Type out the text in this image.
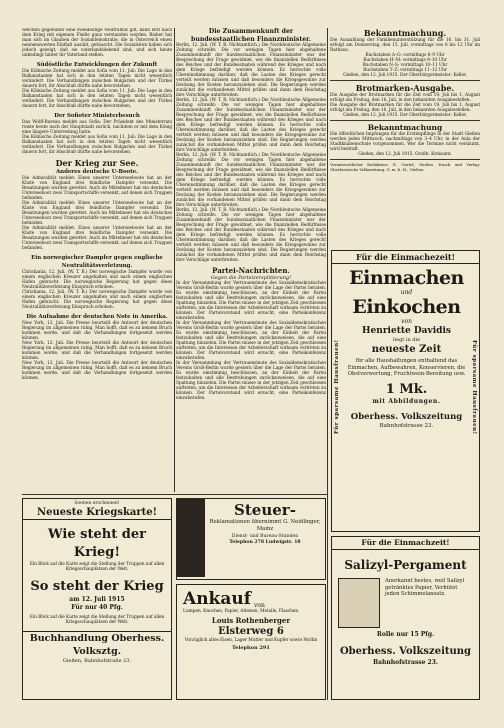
welchen gegenüber eine zweideutige Neutralität gilt, kann erst nach dem Krieg mit eigenem Fleiße ganz verstanden werden. Bisher hat man sich im Glauben der Sozialdemokratie, die in Österreich einen nennenswerten Einfluß ausübt, getäuscht. Die Sozialisten haben sich jedoch gezeigt, daß sie vaterlandsliebend sind, und sich heute unbedingt hinter ihr Vaterland stellen.
Südöstliche Entwicklungen der Zukunft
Die Kölnische Zeitung meldet aus Sofia vom 11. Juli: Die Lage in den Balkanstaaten hat sich in den letzten Tagen nicht wesentlich verändert. Die Verhandlungen zwischen Bulgarien und der Türkei dauern fort, ihr Abschluß dürfte nahe bevorstehen.
Die Kölnische Zeitung meldet aus Sofia vom 11. Juli: Die Lage in den Balkanstaaten hat sich in den letzten Tagen nicht wesentlich verändert. Die Verhandlungen zwischen Bulgarien und der Türkei dauern fort, ihr Abschluß dürfte nahe bevorstehen.
Der Sofioter Ministerbesuch
Das Wolff-Bureau meldet aus Sofia: Der Präsident des Ministerrats reiste heute nach der Hauptstadt zurück, nachdem er mit dem König eine längere Unterredung hatte.
Die Kölnische Zeitung meldet aus Sofia vom 11. Juli: Die Lage in den Balkanstaaten hat sich in den letzten Tagen nicht wesentlich verändert. Die Verhandlungen zwischen Bulgarien und der Türkei dauern fort, ihr Abschluß dürfte nahe bevorstehen.
Der Krieg zur See.
Anderes deutsche U-Boote.
Die Admiralität meldet: Eines unserer Unterseeboote hat an der Küste von England drei feindliche Dampfer versenkt. Die Besatzungen wurden gerettet. Auch im Mittelmeer hat ein deutsches Unterseeboot zwei Transportschiffe versenkt, auf denen sich Truppen befanden.
Die Admiralität meldet: Eines unserer Unterseeboote hat an der Küste von England drei feindliche Dampfer versenkt. Die Besatzungen wurden gerettet. Auch im Mittelmeer hat ein deutsches Unterseeboot zwei Transportschiffe versenkt, auf denen sich Truppen befanden.
Die Admiralität meldet: Eines unserer Unterseeboote hat an der Küste von England drei feindliche Dampfer versenkt. Die Besatzungen wurden gerettet. Auch im Mittelmeer hat ein deutsches Unterseeboot zwei Transportschiffe versenkt, auf denen sich Truppen befanden.
Ein norwegischer Dampfer gegen englische Neutralitätsverletzung.
Christiania, 12. Juli. (W. T. B.) Der norwegische Dampfer wurde von einem englischen Kreuzer angehalten und nach einem englischen Hafen gebracht. Die norwegische Regierung hat gegen diese Neutralitätsverletzung Einspruch erhoben.
Christiania, 12. Juli. (W. T. B.) Der norwegische Dampfer wurde von einem englischen Kreuzer angehalten und nach einem englischen Hafen gebracht. Die norwegische Regierung hat gegen diese Neutralitätsverletzung Einspruch erhoben.
Die Aufnahme der deutschen Note in Amerika.
New York, 12. Juli. Die Presse beurteilt die Antwort der deutschen Regierung im allgemeinen ruhig. Man hofft, daß es zu keinem Bruch kommen werde, und daß die Verhandlungen fortgesetzt werden können.
New York, 12. Juli. Die Presse beurteilt die Antwort der deutschen Regierung im allgemeinen ruhig. Man hofft, daß es zu keinem Bruch kommen werde, und daß die Verhandlungen fortgesetzt werden können.
New York, 12. Juli. Die Presse beurteilt die Antwort der deutschen Regierung im allgemeinen ruhig. Man hofft, daß es zu keinem Bruch kommen werde, und daß die Verhandlungen fortgesetzt werden können.
Die Zusammenkunft der bundesstaatlichen Finanzminister.
Berlin, 12. Juli. (W. T. B. Nichtamtlich.) Die Norddeutsche Allgemeine Zeitung schreibt: Die vor wenigen Tagen hier abgehaltene Zusammenkunft der bundesstaatlichen Finanzminister war der Besprechung der Frage gewidmet, wie die finanziellen Bedürfnisse des Reiches und der Bundesstaaten während des Krieges und nach dem Kriege befriedigt werden können. Es herrschte volle Übereinstimmung darüber, daß die Lasten des Krieges gerecht verteilt werden müssen und daß besonders die Kriegsgewinne zur Deckung der Kosten heranzuziehen sind. Die Regierungen werden zunächst die vorhandenen Mittel prüfen und dann dem Reichstag ihre Vorschläge unterbreiten.
Berlin, 12. Juli. (W. T. B. Nichtamtlich.) Die Norddeutsche Allgemeine Zeitung schreibt: Die vor wenigen Tagen hier abgehaltene Zusammenkunft der bundesstaatlichen Finanzminister war der Besprechung der Frage gewidmet, wie die finanziellen Bedürfnisse des Reiches und der Bundesstaaten während des Krieges und nach dem Kriege befriedigt werden können. Es herrschte volle Übereinstimmung darüber, daß die Lasten des Krieges gerecht verteilt werden müssen und daß besonders die Kriegsgewinne zur Deckung der Kosten heranzuziehen sind. Die Regierungen werden zunächst die vorhandenen Mittel prüfen und dann dem Reichstag ihre Vorschläge unterbreiten.
Berlin, 12. Juli. (W. T. B. Nichtamtlich.) Die Norddeutsche Allgemeine Zeitung schreibt: Die vor wenigen Tagen hier abgehaltene Zusammenkunft der bundesstaatlichen Finanzminister war der Besprechung der Frage gewidmet, wie die finanziellen Bedürfnisse des Reiches und der Bundesstaaten während des Krieges und nach dem Kriege befriedigt werden können. Es herrschte volle Übereinstimmung darüber, daß die Lasten des Krieges gerecht verteilt werden müssen und daß besonders die Kriegsgewinne zur Deckung der Kosten heranzuziehen sind. Die Regierungen werden zunächst die vorhandenen Mittel prüfen und dann dem Reichstag ihre Vorschläge unterbreiten.
Berlin, 12. Juli. (W. T. B. Nichtamtlich.) Die Norddeutsche Allgemeine Zeitung schreibt: Die vor wenigen Tagen hier abgehaltene Zusammenkunft der bundesstaatlichen Finanzminister war der Besprechung der Frage gewidmet, wie die finanziellen Bedürfnisse des Reiches und der Bundesstaaten während des Krieges und nach dem Kriege befriedigt werden können. Es herrschte volle Übereinstimmung darüber, daß die Lasten des Krieges gerecht verteilt werden müssen und daß besonders die Kriegsgewinne zur Deckung der Kosten heranzuziehen sind. Die Regierungen werden zunächst die vorhandenen Mittel prüfen und dann dem Reichstag ihre Vorschläge unterbreiten.
Partei-Nachrichten.
Gegen die Parteizersplitterung!
In der Versammlung der Vertrauensleute des Sozialdemokratischen Vereins Groß-Berlin wurde gestern über die Lage der Partei beraten. Es wurde einstimmig beschlossen, an der Einheit der Partei festzuhalten und alle Bestrebungen zurückzuweisen, die auf eine Spaltung hinzielen. Die Partei müsse in der jetzigen Zeit geschlossen auftreten, um die Interessen der Arbeiterschaft wirksam vertreten zu können. Der Parteivorstand wird ersucht, eine Parteikonferenz einzuberufen.
In der Versammlung der Vertrauensleute des Sozialdemokratischen Vereins Groß-Berlin wurde gestern über die Lage der Partei beraten. Es wurde einstimmig beschlossen, an der Einheit der Partei festzuhalten und alle Bestrebungen zurückzuweisen, die auf eine Spaltung hinzielen. Die Partei müsse in der jetzigen Zeit geschlossen auftreten, um die Interessen der Arbeiterschaft wirksam vertreten zu können. Der Parteivorstand wird ersucht, eine Parteikonferenz einzuberufen.
In der Versammlung der Vertrauensleute des Sozialdemokratischen Vereins Groß-Berlin wurde gestern über die Lage der Partei beraten. Es wurde einstimmig beschlossen, an der Einheit der Partei festzuhalten und alle Bestrebungen zurückzuweisen, die auf eine Spaltung hinzielen. Die Partei müsse in der jetzigen Zeit geschlossen auftreten, um die Interessen der Arbeiterschaft wirksam vertreten zu können. Der Parteivorstand wird ersucht, eine Parteikonferenz einzuberufen.
Bekanntmachung.
Die Auszahlung der Familienunterstützung für die 16. bis 31. Juli erfolgt am Donnerstag, den 15. Juli, vormittags von 8 bis 12 Uhr im Rathaus.
Buchstaben A–G: vormittags 8–9 Uhr
Buchstaben H–M: vormittags 9–10 Uhr
Buchstaben N–S: vormittags 10–11 Uhr
Buchstaben T–Z: vormittags 11–12 Uhr
Gießen, den 12. Juli 1915. Der Oberbürgermeister: Keller.
Brotmarken-Ausgabe.
Die Ausgabe der Brotmarken für die Zeit vom 19. Juli bis 1. August erfolgt am Freitag, den 16. Juli, in den bekannten Ausgabestellen.
Die Ausgabe der Brotmarken für die Zeit vom 19. Juli bis 1. August erfolgt am Freitag, den 16. Juli, in den bekannten Ausgabestellen.
Gießen, den 12. Juli 1915. Der Oberbürgermeister: Keller.
Bekanntmachung
Die öffentlichen Impfungen für die Erstimpflinge in der Stadt Gießen werden jeden Mittwoch, nachmittags von 3–4 Uhr, in der Aula der Stadtknabenschule vorgenommen. Wer die Termine nicht versäumt, wird bestraft.
Gießen, den 12. Juli 1915. Großh. Kreisamt.
Verantwortlicher Redakteur: E. Oertel, Gießen. Druck und Verlag: Oberhessische Volkszeitung, G. m. b. H., Gießen.
Für die Einmachezeit!
Für sparsame Hausfrauen!	Für sparsame Hausfrauen!
Einmachen
und
Einkochen
von
Henriette Davidis
liegt in die
neueste Zeit
für alle Haushaltungen enthaltend das Einmachen, Aufbewahren, Konservieren, die Obstverwertung, Fruchtwein-Bereitung usw.
1 Mk.
mit Abbildungen.
Oberhess. Volkszeitung
Bahnhofstrasse 23.
Für die Einmachzeit!
Salizyl-Pergament
Anerkannt bestes, weil Salizyl getränktes Papier, Verhütet jeden Schimmelansatz.
Rolle nur 15 Pfg.
Oberhess. Volkszeitung
Bahnhofstrasse 23.
Soeben erschienen!
Neueste Kriegskarte!
Wie steht der Krieg!
Ein Blick auf die Karte zeigt die Stellung der Truppen auf allen Kriegsschauplätzen der Welt.
So steht der Krieg
am 12. Juli 1915
Für nur 40 Pfg.
Ein Blick auf die Karte zeigt die Stellung der Truppen auf allen Kriegsschauplätzen der Welt.
Buchhandlung Oberhess. Volksztg.
Gießen, Bahnhofstraße 23.
Steuer-
Reklamationen übernimmt G. Neidlinger, Mainz
Dienst- und Bureau-Stunden
Telephon 278 Ludwigstr. 18
Ankauf von
Lumpen, Knochen, Papier, Alteisen, Metalle, Flaschen
Louis Rothenberger
Elsterweg 6
Vorzüglich altes Eisen, Lager Mutter und Kupfer sowie Moltin
Telephon 291
